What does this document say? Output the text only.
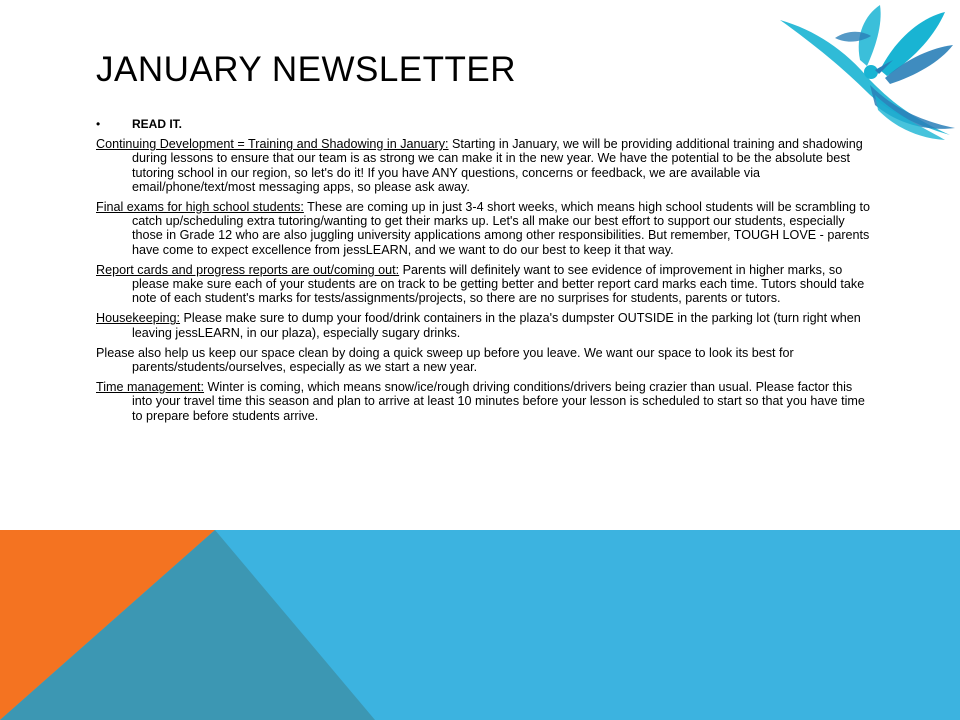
JANUARY NEWSLETTER
•	READ IT.

Continuing Development = Training and Shadowing in January: Starting in January, we will be providing additional training and shadowing during lessons to ensure that our team is as strong we can make it in the new year. We have the potential to be the absolute best tutoring school in our region, so let's do it! If you have ANY questions, concerns or feedback, we are available via email/phone/text/most messaging apps, so please ask away.

Final exams for high school students: These are coming up in just 3-4 short weeks, which means high school students will be scrambling to catch up/scheduling extra tutoring/wanting to get their marks up. Let's all make our best effort to support our students, especially those in Grade 12 who are also juggling university applications among other responsibilities. But remember, TOUGH LOVE - parents have come to expect excellence from jessLEARN, and we want to do our best to keep it that way.

Report cards and progress reports are out/coming out: Parents will definitely want to see evidence of improvement in higher marks, so please make sure each of your students are on track to be getting better and better report card marks each time. Tutors should take note of each student's marks for tests/assignments/projects, so there are no surprises for students, parents or tutors.

Housekeeping: Please make sure to dump your food/drink containers in the plaza's dumpster OUTSIDE in the parking lot (turn right when leaving jessLEARN, in our plaza), especially sugary drinks.

Please also help us keep our space clean by doing a quick sweep up before you leave. We want our space to look its best for parents/students/ourselves, especially as we start a new year.

Time management: Winter is coming, which means snow/ice/rough driving conditions/drivers being crazier than usual. Please factor this into your travel time this season and plan to arrive at least 10 minutes before your lesson is scheduled to start so that you have time to prepare before students arrive.
